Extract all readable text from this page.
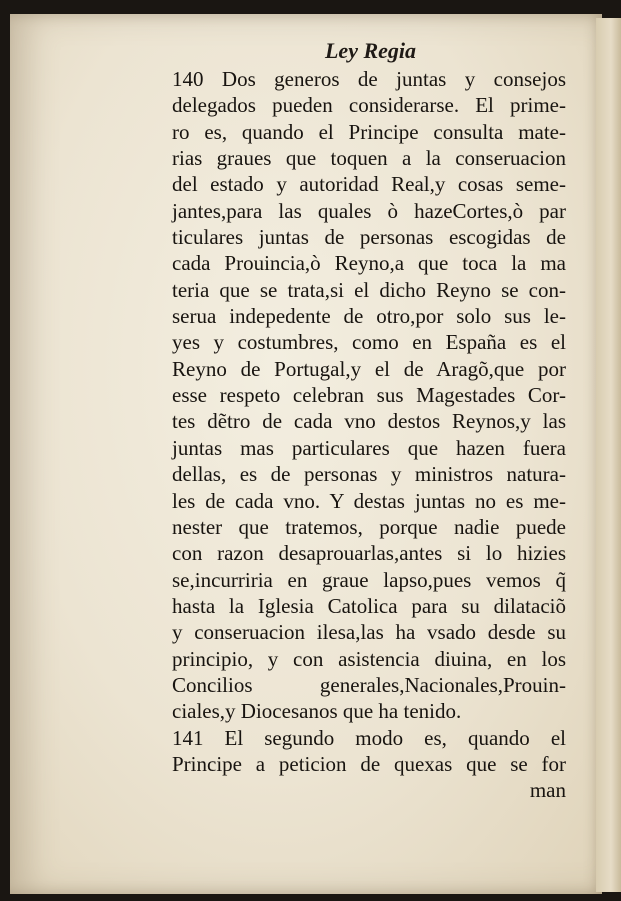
Ley Regia
140 Dos generos de juntas y consejos
delegados pueden considerarse. El prime-
ro es, quando el Principe consulta mate-
rias graues que toquen a la conseruacion
del estado y autoridad Real,y cosas seme-
jantes,para las quales ò hazeCortes,ò par
ticulares juntas de personas escogidas de
cada Prouincia,ò Reyno,a que toca la ma
teria que se trata,si el dicho Reyno se con-
serua indepedente de otro,por solo sus le-
yes y costumbres, como en España es el
Reyno de Portugal,y el de Aragõ,que por
esse respeto celebran sus Magestades Cor-
tes dẽtro de cada vno destos Reynos,y las
juntas mas particulares que hazen fuera
dellas, es de personas y ministros natura-
les de cada vno. Y destas juntas no es me-
nester que tratemos, porque nadie puede
con razon desaprouarlas,antes si lo hizies
se,incurriria en graue lapso,pues vemos q̃
hasta la Iglesia Catolica para su dilataciõ
y conseruacion ilesa,las ha vsado desde su
principio, y con asistencia diuina, en los
Concilios generales,Nacionales,Prouin-
ciales,y Diocesanos que ha tenido.
141 El segundo modo es, quando el
Principe a peticion de quexas que se for
man
